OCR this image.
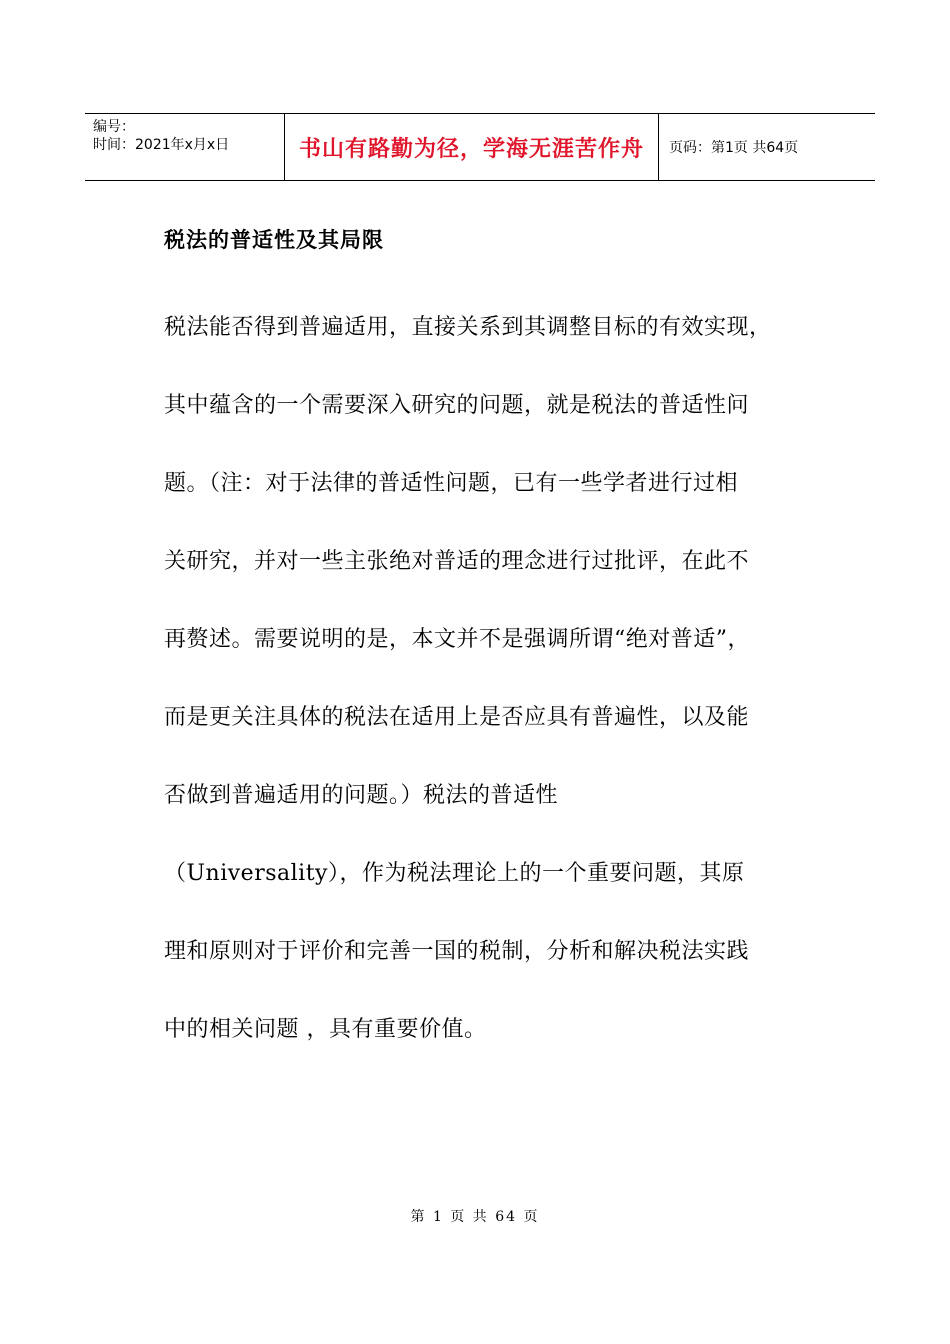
编号：
时间：2021年x月x日	书山有路勤为径，学海无涯苦作舟	页码：第1页 共64页
税法的普适性及其局限
税法能否得到普遍适用，直接关系到其调整目标的有效实现，
其中蕴含的一个需要深入研究的问题，就是税法的普适性问
题。（注：对于法律的普适性问题，已有一些学者进行过相
关研究，并对一些主张绝对普适的理念进行过批评，在此不
再赘述。需要说明的是，本文并不是强调所谓“绝对普适”，
而是更关注具体的税法在适用上是否应具有普遍性，以及能
否做到普遍适用的问题。）税法的普适性
（Universality），作为税法理论上的一个重要问题，其原
理和原则对于评价和完善一国的税制，分析和解决税法实践
中的相关问题 ，具有重要价值。
第 1 页 共 64 页
